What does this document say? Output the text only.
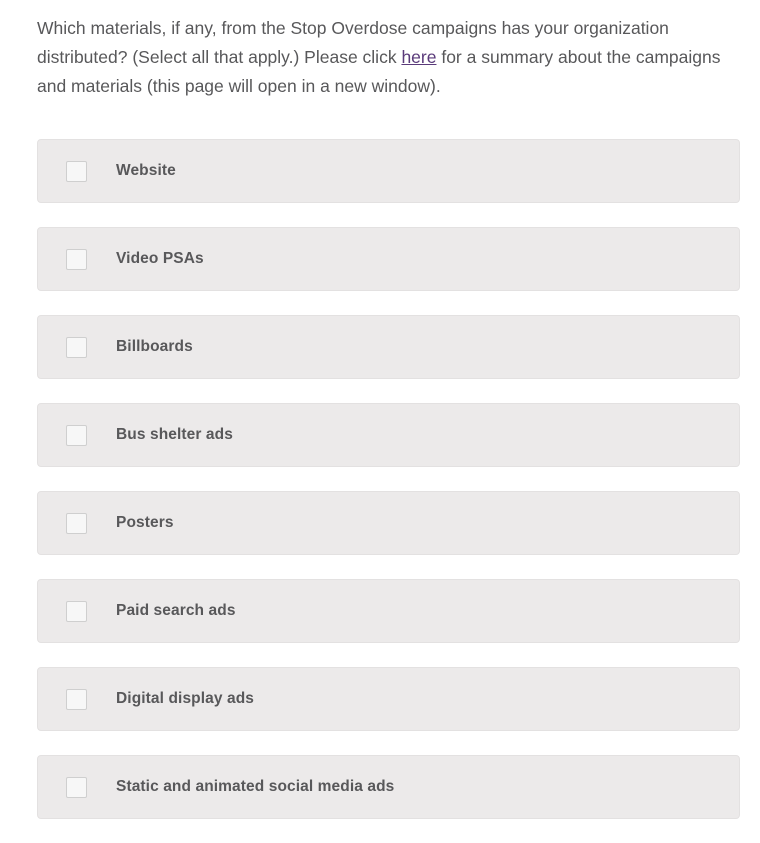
Which materials, if any, from the Stop Overdose campaigns has your organization distributed? (Select all that apply.) Please click here for a summary about the campaigns and materials (this page will open in a new window).
Website
Video PSAs
Billboards
Bus shelter ads
Posters
Paid search ads
Digital display ads
Static and animated social media ads
